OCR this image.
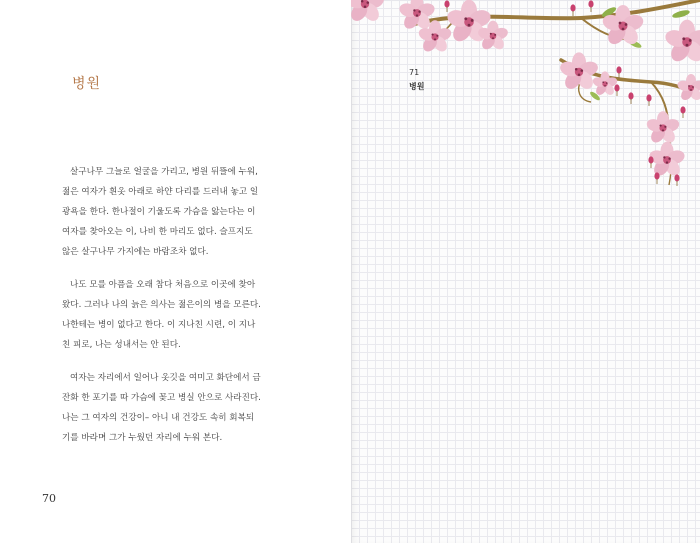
병원

살구나무 그늘로 얼굴을 가리고, 병원 뒤뜰에 누워,
젊은 여자가 흰옷 아래로 하얀 다리를 드러내 놓고 일
광욕을 한다. 한나절이 기울도록 가슴을 앓는다는 이
여자를 찾아오는 이, 나비 한 마리도 없다. 슬프지도
않은 살구나무 가지에는 바람조차 없다.

나도 모를 아픔을 오래 참다 처음으로 이곳에 찾아
왔다. 그러나 나의 늙은 의사는 젊은이의 병을 모른다.
나한테는 병이 없다고 한다. 이 지나친 시련, 이 지나
친 피로, 나는 성내서는 안 된다.

여자는 자리에서 일어나 옷깃을 여미고 화단에서 금
잔화 한 포기를 따 가슴에 꽂고 병실 안으로 사라진다.
나는 그 여자의 건강이– 아니 내 건강도 속히 회복되
기를 바라며 그가 누웠던 자리에 누워 본다.

70
71
병원
